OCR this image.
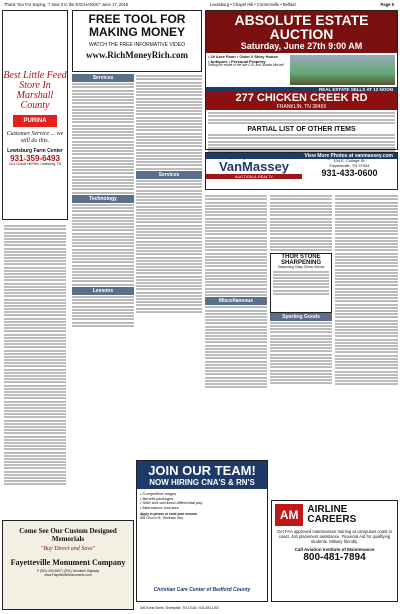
Thank You For Saying, "I Saw It in the EXCHANGE" June 17, 2015	Lewisburg • Chapel Hill • Cornersville • Belfast	Page 5
Best Little Feed Store In Marshall County
PURINA
Customer Service ... we still do this.
Lewisburg Farm Center
931-359-6493
1111 Chapel Hill Pike, Lewisburg, TN
FREE TOOL FOR MAKING MONEY
WATCH THE FREE INFORMATIVE VIDEO
www.RichMoneyRich.com
Services
Technology
Lessons
Services
ABSOLUTE ESTATE AUCTION
Saturday, June 27th 9:00 AM
• 20 Acre Farm • Older 2 Story House
• Antiques • Personal Property
Selling the estate of the late O.B. and Juanita Mitchell
REAL ESTATE SELLS AT 12 NOON
277 CHICKEN CREEK RD
FRANKLIN, TN 38459
PARTIAL LIST OF OTHER ITEMS
View More Photos at vanmassey.com
VanMassey
AUCTION & REALTY
104 E. College St.
Fayetteville, TN 37334
931-433-0600
Miscellaneous
THOR STONE SHARPENING
Sharpening Sharp Sheep Shears
Sporting Goods
Come See Our Custom Designed Memorials
"Buy Direct and Save"
Fayetteville Monument Company
P (931) 433-6697 | (931) Volunteer Highway
www.FayettevilleMonuments.com
JOIN OUR TEAM!
NOW HIRING CNA'S & RN'S
• Competitive wages
• Benefit packages
• Shift and weekend differential pay
• Attendance bonuses
Apply in person or send your resume:
835 Church St., Wartrace Hwy.
Christian Care Center of Bedford County
AM AIRLINE CAREERS
Get FAA approved maintenance training at campuses coast to coast. Job placement assistance. Financial Aid for qualifying students. Military friendly.
Call Aviation Institute of Maintenance
800-481-7894
305 Ezeal Street, Shelbyville, TN 37160 • 931-684-1200
